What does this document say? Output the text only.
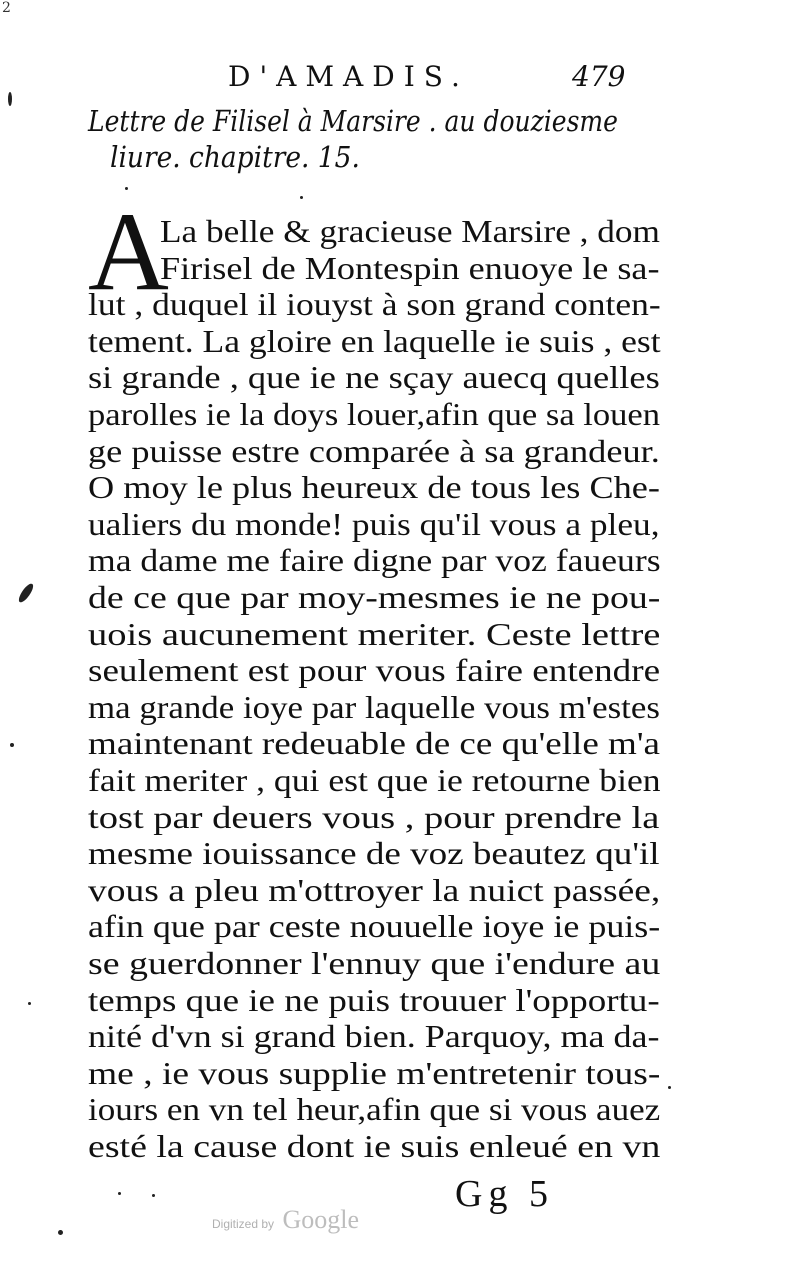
2
D'AMADIS.	479
Lettre de Filisel à Marsire . au douziesme
liure. chapitre. 15.
A
La belle & gracieuse Marsire , dom
Firisel de Montespin enuoye le sa-
lut , duquel il iouyst à son grand conten-
tement. La gloire en laquelle ie suis , est
si grande , que ie ne sçay auecq quelles
parolles ie la doys louer,afin que sa louen
ge puisse estre comparée à sa grandeur.
O moy le plus heureux de tous les Che-
ualiers du monde! puis qu'il vous a pleu,
ma dame me faire digne par voz faueurs
de ce que par moy-mesmes ie ne pou-
uois aucunement meriter. Ceste lettre
seulement est pour vous faire entendre
ma grande ioye par laquelle vous m'estes
maintenant redeuable de ce qu'elle m'a
fait meriter , qui est que ie retourne bien
tost par deuers vous , pour prendre la
mesme iouissance de voz beautez qu'il
vous a pleu m'ottroyer la nuict passée,
afin que par ceste nouuelle ioye ie puis-
se guerdonner l'ennuy que i'endure au
temps que ie ne puis trouuer l'opportu-
nité d'vn si grand bien. Parquoy, ma da-
me , ie vous supplie m'entretenir tous-
iours en vn tel heur,afin que si vous auez
esté la cause dont ie suis enleué en vn
Gg 5
Digitized by Google
